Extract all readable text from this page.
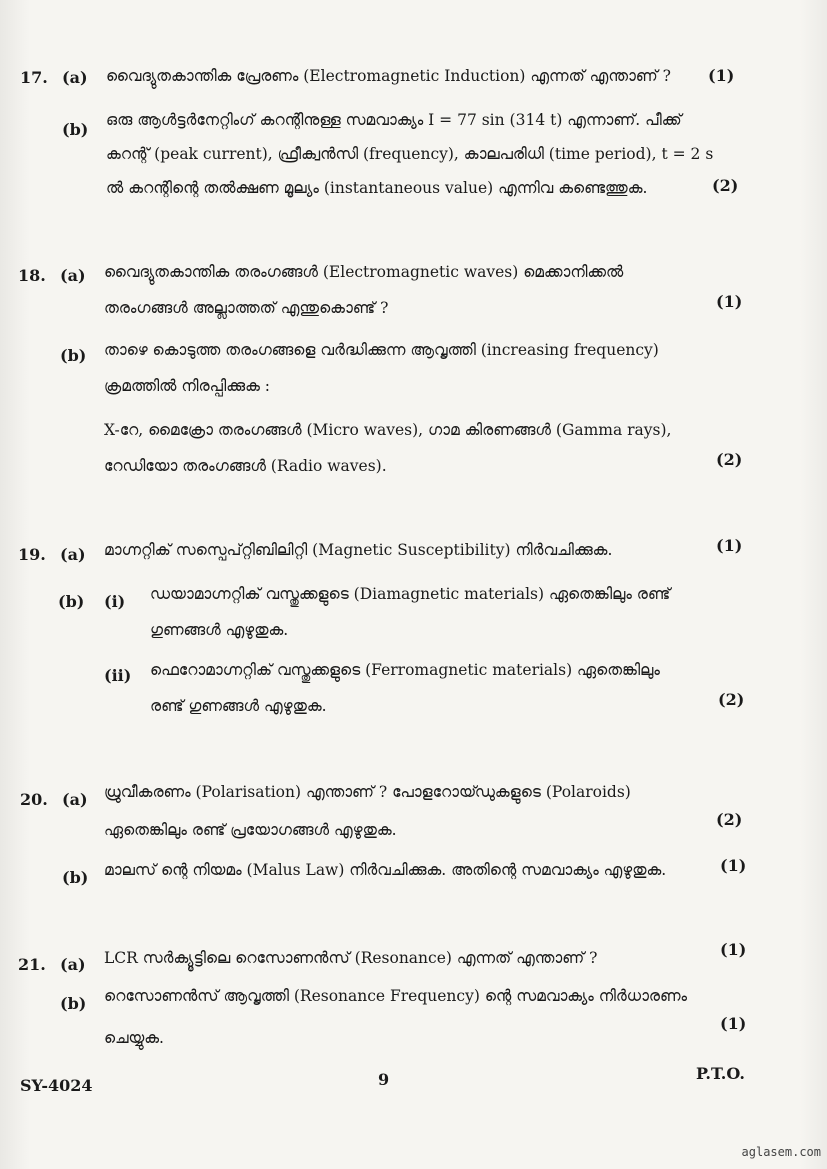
17. (a) വൈദ്യുതകാന്തിക പ്രേരണം (Electromagnetic Induction) എന്നത് എന്താണ് ? (1)
(b) ഒരു ആൾട്ടർനേറ്റിംഗ് കറന്റിനുള്ള സമവാക്യം I = 77 sin (314 t) എന്നാണ്. പീക്ക്
കറന്റ് (peak current), ഫ്രീക്വൻസി (frequency), കാലപരിധി (time period), t = 2 s
ൽ കറന്റിന്റെ തൽക്ഷണ മൂല്യം (instantaneous value) എന്നിവ കണ്ടെത്തുക.	(2)
18. (a) വൈദ്യുതകാന്തിക തരംഗങ്ങൾ (Electromagnetic waves) മെക്കാനിക്കൽ
തരംഗങ്ങൾ അല്ലാത്തത് എന്തുകൊണ്ട് ?	(1)
(b) താഴെ കൊടുത്ത തരംഗങ്ങളെ വർദ്ധിക്കുന്ന ആവൃത്തി (increasing frequency)
ക്രമത്തിൽ നിരപ്പിക്കുക :
X-റേ, മൈക്രോ തരംഗങ്ങൾ (Micro waves), ഗാമ കിരണങ്ങൾ (Gamma rays),
റേഡിയോ തരംഗങ്ങൾ (Radio waves).	(2)
19. (a) മാഗ്നറ്റിക് സസ്പെപ്റ്റിബിലിറ്റി (Magnetic Susceptibility) നിർവചിക്കുക.	(1)
(b) (i) ഡയാമാഗ്നറ്റിക് വസ്തുക്കളുടെ (Diamagnetic materials) ഏതെങ്കിലും രണ്ട്
ഗുണങ്ങൾ എഴുതുക.
(ii) ഫെറോമാഗ്നറ്റിക് വസ്തുക്കളുടെ (Ferromagnetic materials) ഏതെങ്കിലും
രണ്ട് ഗുണങ്ങൾ എഴുതുക.	(2)
20. (a) ധ്രുവീകരണം (Polarisation) എന്താണ് ? പോളറോയ്ഡുകളുടെ (Polaroids)
ഏതെങ്കിലും രണ്ട് പ്രയോഗങ്ങൾ എഴുതുക.
(2)
(b) മാലസ് ന്റെ നിയമം (Malus Law) നിർവചിക്കുക. അതിന്റെ സമവാക്യം എഴുതുക.	(1)
21. (a) LCR സർക്യൂട്ടിലെ റെസോണൻസ് (Resonance) എന്നത് എന്താണ് ?	(1)
(b) റെസോണൻസ് ആവൃത്തി (Resonance Frequency) ന്റെ സമവാക്യം നിർധാരണം
ചെയ്യുക.
(1)
SY-4024	9	P.T.O.
aglasem.com
